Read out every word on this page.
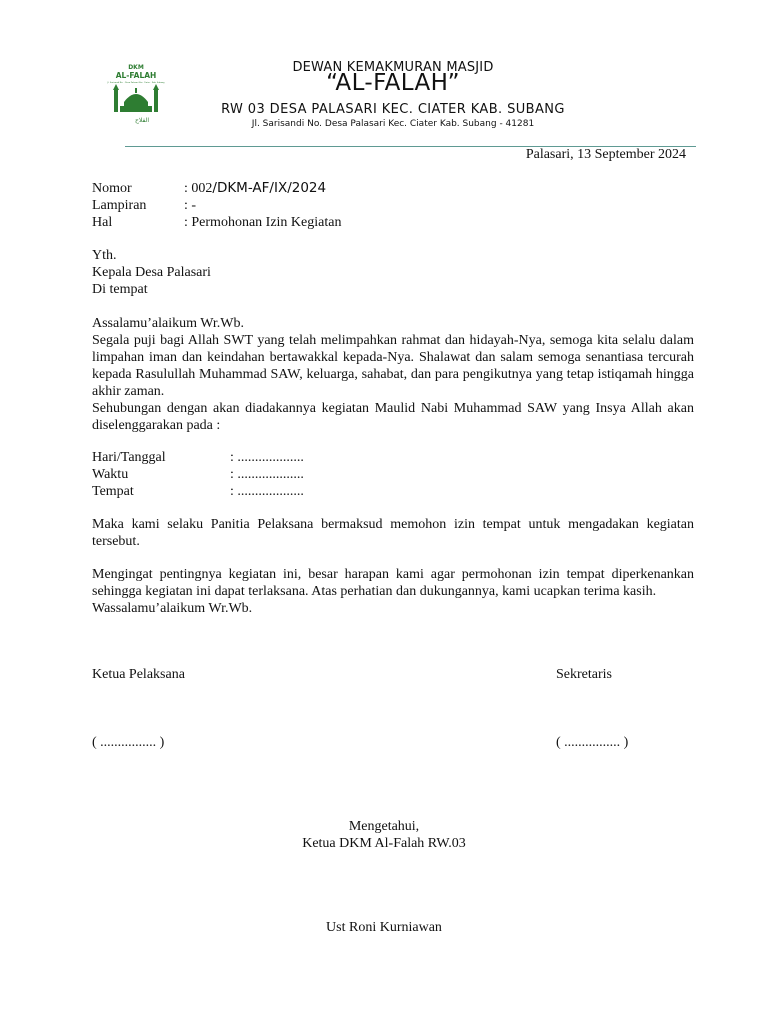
DKM
AL-FALAH
Jl. Sarisandi No. · Desa Palasari Kec. Ciater · Kab. Subang
الفلاح
DEWAN KEMAKMURAN MASJID
“AL-FALAH”
RW 03 DESA PALASARI KEC. CIATER KAB. SUBANG
Jl. Sarisandi No. Desa Palasari Kec. Ciater Kab. Subang - 41281
Palasari, 13 September 2024
Nomor	: 002/DKM-AF/IX/2024
Lampiran	: -
Hal	: Permohonan Izin Kegiatan
Yth.
Kepala Desa Palasari
Di tempat

Assalamu’alaikum Wr.Wb.

Segala puji bagi Allah SWT yang telah melimpahkan rahmat dan hidayah-Nya, semoga kita selalu dalam limpahan iman dan keindahan bertawakkal kepada-Nya. Shalawat dan salam semoga senantiasa tercurah kepada Rasulullah Muhammad SAW, keluarga, sahabat, dan para pengikutnya yang tetap istiqamah hingga akhir zaman.

Sehubungan dengan akan diadakannya kegiatan Maulid Nabi Muhammad SAW yang Insya Allah akan diselenggarakan pada :

Hari/Tanggal	: ...................
Waktu	: ...................
Tempat	: ...................

Maka kami selaku Panitia Pelaksana bermaksud memohon izin tempat untuk mengadakan kegiatan tersebut.

Mengingat pentingnya kegiatan ini, besar harapan kami agar permohonan izin tempat diperkenankan sehingga kegiatan ini dapat terlaksana. Atas perhatian dan dukungannya, kami ucapkan terima kasih.

Wassalamu’alaikum Wr.Wb.

Ketua Pelaksana	Sekretaris
( ................ )	( ................ )
Mengetahui,
Ketua DKM Al-Falah RW.03
Ust Roni Kurniawan
